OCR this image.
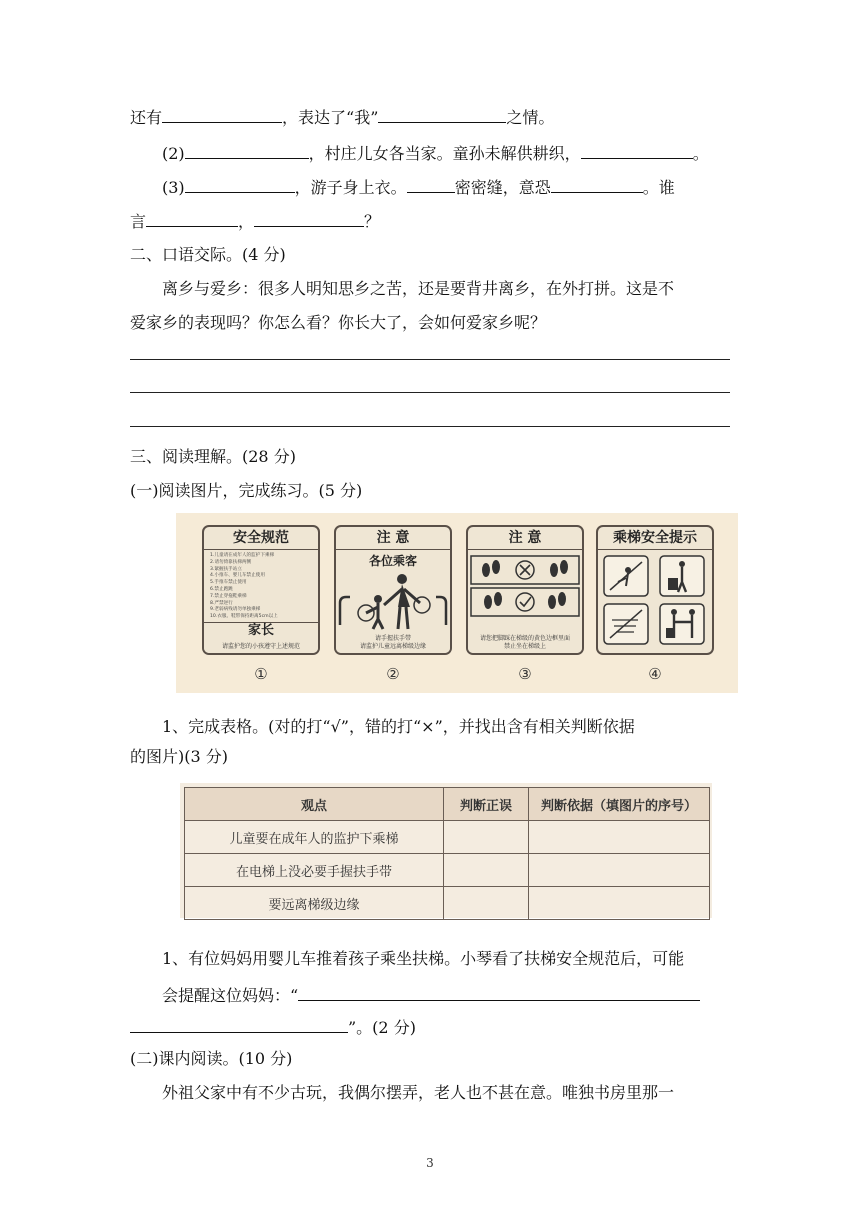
还有	，表达了“我”	之情。
(2)	，村庄儿女各当家。童孙未解供耕织，	。
(3)	，游子身上衣。	密密缝，意恐	。谁
言	，	？
二、口语交际。(4 分)
离乡与爱乡：很多人明知思乡之苦，还是要背井离乡，在外打拼。这是不
爱家乡的表现吗？你怎么看？你长大了，会如何爱家乡呢？
三、阅读理解。(28 分)
(一)阅读图片，完成练习。(5 分)
安全规范
1.儿童请在成年人的监护下乘梯
2.请勿倚靠扶梯两侧
3.紧握扶手站立
4.小推车、婴儿车禁止使用
5.手推车禁止使用
6.禁止跑跳
7.禁止穿拖鞋乘梯
8.严禁逆行
9.老弱病残请勿单独乘梯
10.衣服、鞋带保持距离5cm以上
家长
请监护您的小孩遵守上述规范
①
注 意
各位乘客
请手握扶手带
请监护儿童远离梯级边缘
②
注 意
请您把脚踩在梯级的黄色边框里面
禁止坐在梯级上
③
乘梯安全提示
④
1、完成表格。(对的打“√”，错的打“×”，并找出含有相关判断依据
的图片)(3 分)
观点	判断正误	判断依据（填图片的序号）
儿童要在成年人的监护下乘梯		
在电梯上没必要手握扶手带		
要远离梯级边缘		
1、有位妈妈用婴儿车推着孩子乘坐扶梯。小琴看了扶梯安全规范后，可能
会提醒这位妈妈：“
”。(2 分)
(二)课内阅读。(10 分)
外祖父家中有不少古玩，我偶尔摆弄，老人也不甚在意。唯独书房里那一
3
